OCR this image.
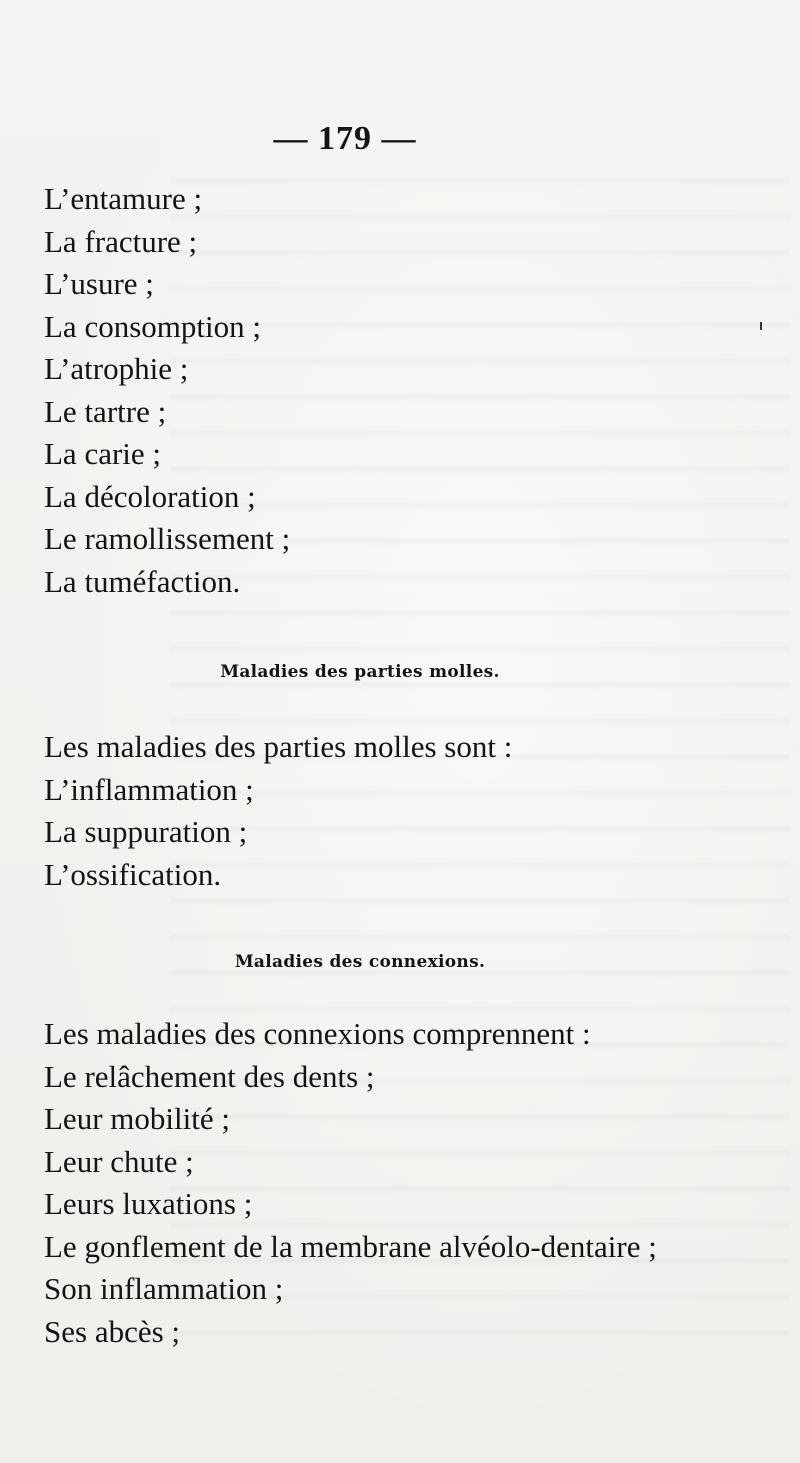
— 179 —
L’entamure ;
La fracture ;
L’usure ;
La consomption ;
L’atrophie ;
Le tartre ;
La carie ;
La décoloration ;
Le ramollissement ;
La tuméfaction.
Maladies des parties molles.
Les maladies des parties molles sont :
L’inflammation ;
La suppuration ;
L’ossification.
Maladies des connexions.
Les maladies des connexions comprennent :
Le relâchement des dents ;
Leur mobilité ;
Leur chute ;
Leurs luxations ;
Le gonflement de la membrane alvéolo-dentaire ;
Son inflammation ;
Ses abcès ;
